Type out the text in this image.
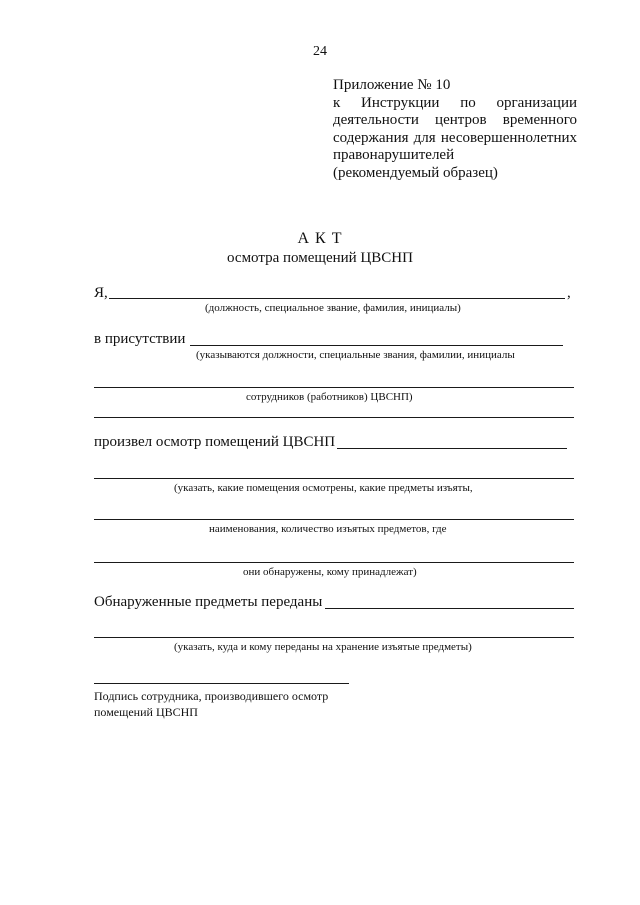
24
Приложение № 10
к Инструкции по организации
деятельности центров временного
содержания для несовершеннолетних
правонарушителей
(рекомендуемый образец)
А К Т
осмотра помещений ЦВСНП
Я,	,
(должность, специальное звание, фамилия, инициалы)
в присутствии
(указываются должности, специальные звания, фамилии, инициалы
сотрудников (работников) ЦВСНП)
произвел осмотр помещений ЦВСНП
(указать, какие помещения осмотрены, какие предметы изъяты,
наименования, количество изъятых предметов, где
они обнаружены, кому принадлежат)
Обнаруженные предметы переданы
(указать, куда и кому переданы на хранение изъятые предметы)
Подпись сотрудника, производившего осмотр
помещений ЦВСНП
